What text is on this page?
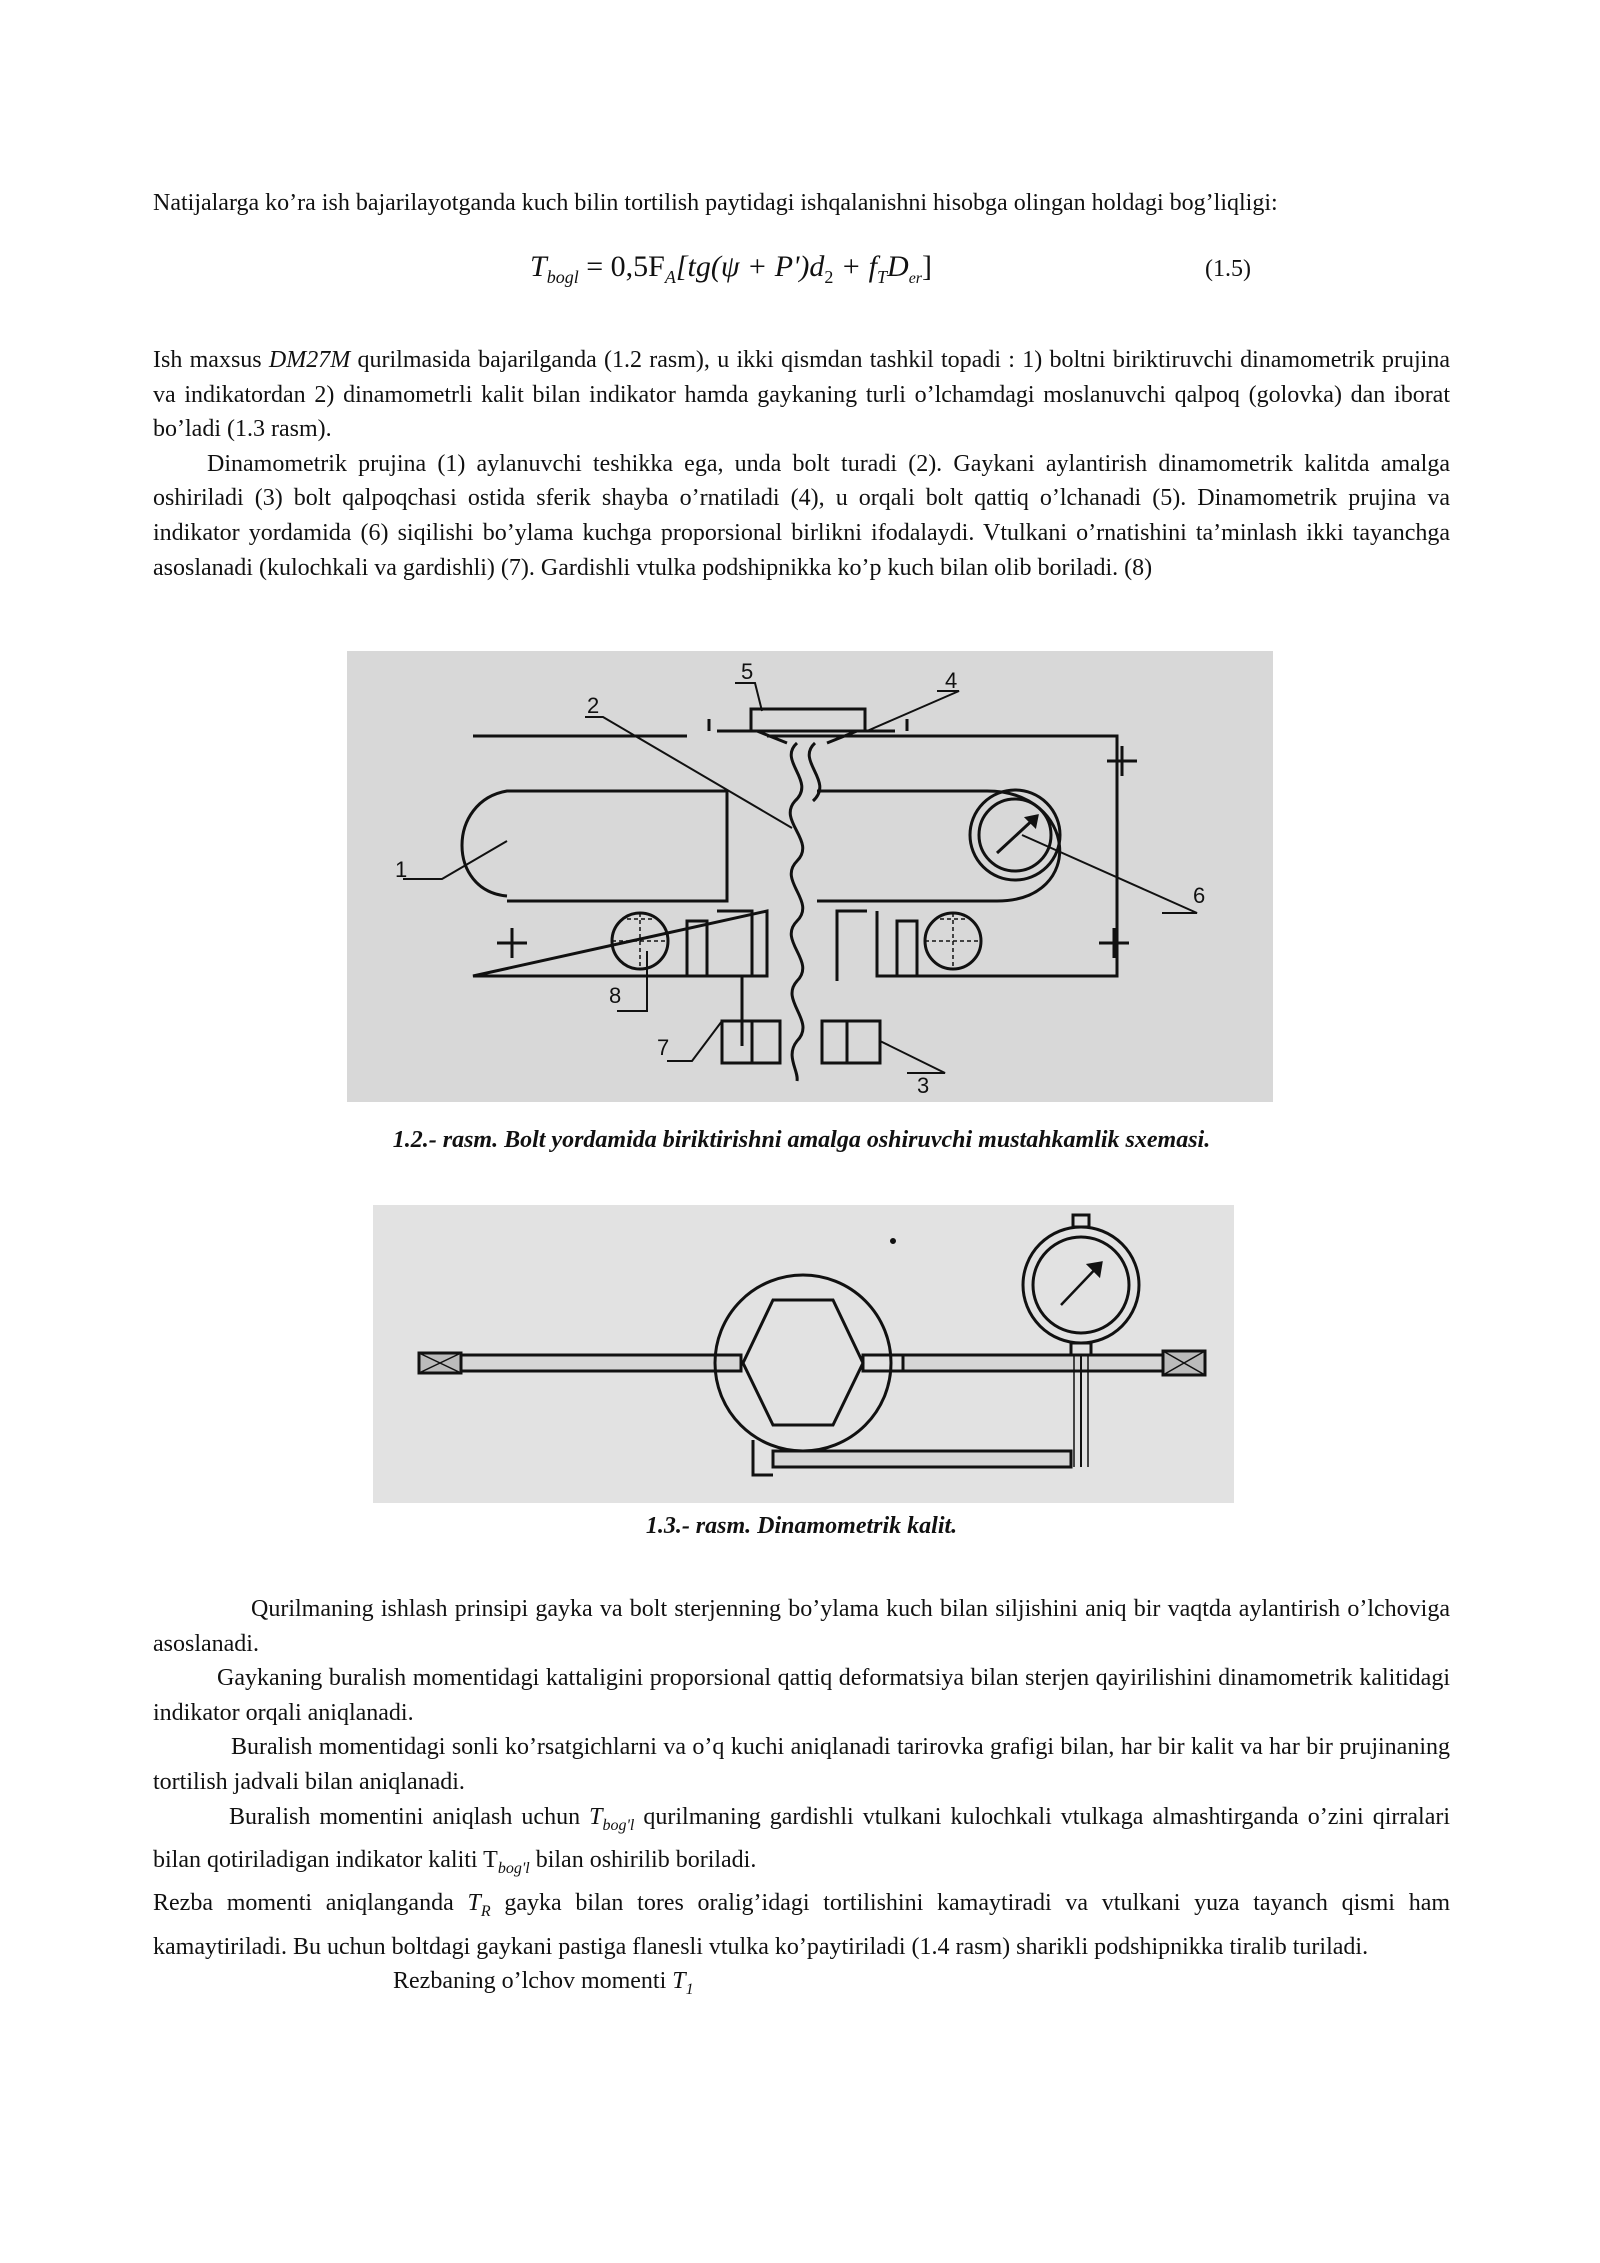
Natijalarga ko’ra ish bajarilayotganda kuch bilin tortilish paytidagi ishqalanishni hisobga olingan holdagi bog’liqligi:

$T_{bogl} = 0,5F_A[tg(\psi + P')d_2 + f_TD_{er}]$	(1.5)

Ish maxsus DM27M qurilmasida bajarilganda (1.2 rasm), u ikki qismdan tashkil topadi : 1) boltni biriktiruvchi dinamometrik prujina va indikatordan 2) dinamometrli kalit bilan indikator hamda gaykaning turli o’lchamdagi moslanuvchi qalpoq (golovka) dan iborat bo’ladi (1.3 rasm).

Dinamometrik prujina (1) aylanuvchi teshikka ega, unda bolt turadi (2). Gaykani aylantirish dinamometrik kalitda amalga oshiriladi (3) bolt qalpoqchasi ostida sferik shayba o’rnatiladi (4), u orqali bolt qattiq o’lchanadi (5). Dinamometrik prujina va indikator yordamida (6) siqilishi bo’ylama kuchga proporsional birlikni ifodalaydi. Vtulkani o’rnatishini ta’minlash ikki tayanchga asoslanadi (kulochkali va gardishli) (7). Gardishli vtulka podshipnikka ko’p kuch bilan olib boriladi. (8)

1
2
3
4
5
6
7
8
1.2.- rasm. Bolt yordamida biriktirishni amalga oshiruvchi mustahkamlik sxemasi.
1.3.- rasm. Dinamometrik kalit.

Qurilmaning ishlash prinsipi gayka va bolt sterjenning bo’ylama kuch bilan siljishini aniq bir vaqtda aylantirish o’lchoviga asoslanadi.

Gaykaning buralish momentidagi kattaligini proporsional qattiq deformatsiya bilan sterjen qayirilishini dinamometrik kalitidagi indikator orqali aniqlanadi.

Buralish momentidagi sonli ko’rsatgichlarni va o’q kuchi aniqlanadi tarirovka grafigi bilan, har bir kalit va har bir prujinaning tortilish jadvali bilan aniqlanadi.

Buralish momentini aniqlash uchun $T_{bog'l}$ qurilmaning gardishli vtulkani kulochkali vtulkaga almashtirganda o’zini qirralari bilan qotiriladigan indikator kaliti $T_{bog'l}$ bilan oshirilib boriladi.

Rezba momenti aniqlanganda $T_R$ gayka bilan tores oralig’idagi tortilishini kamaytiradi va vtulkani yuza tayanch qismi ham kamaytiriladi. Bu uchun boltdagi gaykani pastiga flanesli vtulka ko’paytiriladi (1.4 rasm) sharikli podshipnikka tiralib turiladi.

Rezbaning o’lchov momenti $T_1$
